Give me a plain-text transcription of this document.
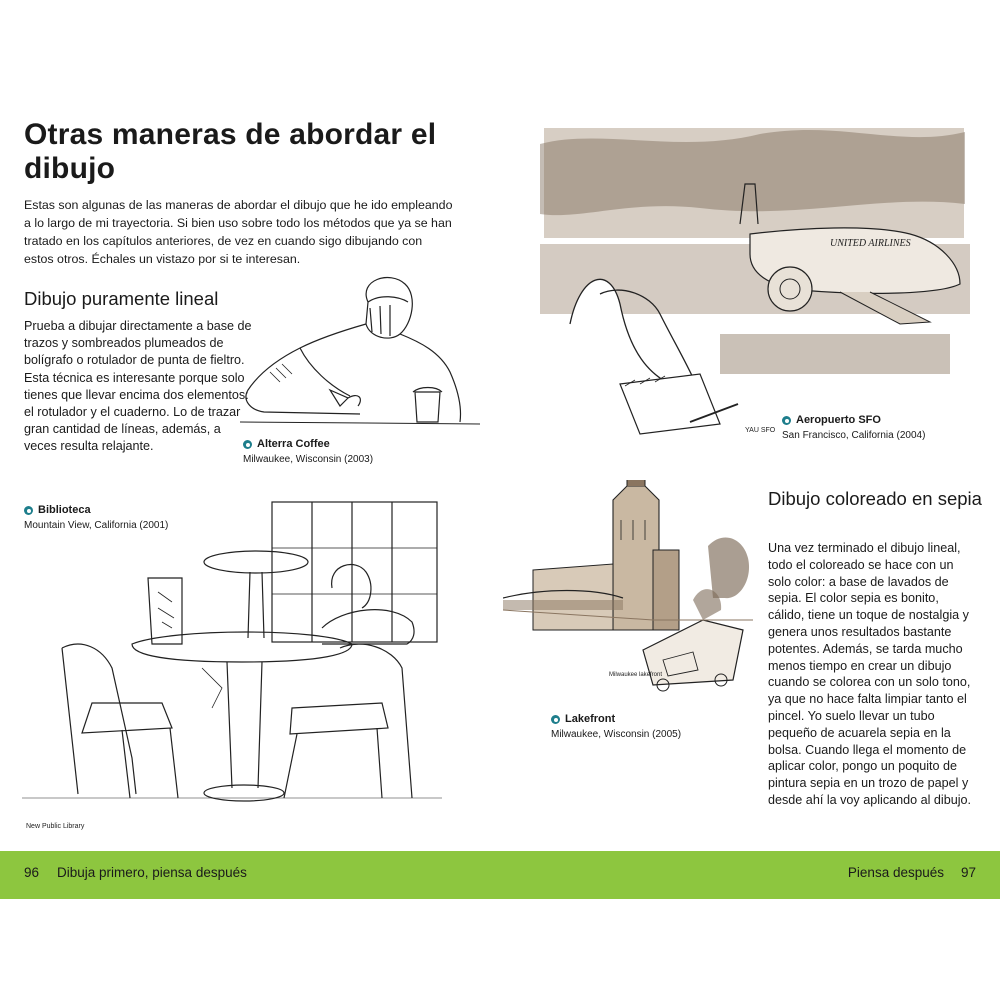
Otras maneras de abordar el dibujo

Estas son algunas de las maneras de abordar el dibujo que he ido empleando a lo largo de mi trayectoria. Si bien uso sobre todo los métodos que ya se han tratado en los capítulos anteriores, de vez en cuando sigo dibujando con estos otros. Échales un vistazo por si te interesan.

Dibujo puramente lineal

Prueba a dibujar directamente a base de trazos y sombreados plumeados de bolígrafo o rotulador de punta de fieltro. Esta técnica es interesante porque solo tienes que llevar encima dos elementos: el rotulador y el cuaderno. Lo de trazar gran cantidad de líneas, además, a veces resulta relajante.

Dibujo coloreado en sepia

Una vez terminado el dibujo lineal, todo el coloreado se hace con un solo color: a base de lavados de sepia. El color sepia es bonito, cálido, tiene un toque de nostalgia y genera unos resultados bastante potentes. Además, se tarda mucho menos tiempo en crear un dibujo cuando se colorea con un solo tono, ya que no hace falta limpiar tanto el pincel. Yo suelo llevar un tubo pequeño de acuarela sepia en la bolsa. Cuando llega el momento de aplicar color, pongo un poquito de pintura sepia en un trozo de papel y desde ahí la voy aplicando al dibujo.

Alterra Coffee
Milwaukee, Wisconsin (2003)
UNITED AIRLINES
YAU SFO
Aeropuerto SFO
San Francisco, California (2004)
Biblioteca
Mountain View, California (2001)
New Public Library
Milwaukee lakefront
Lakefront
Milwaukee, Wisconsin (2005)
96 Dibuja primero, piensa después	Piensa después 97
